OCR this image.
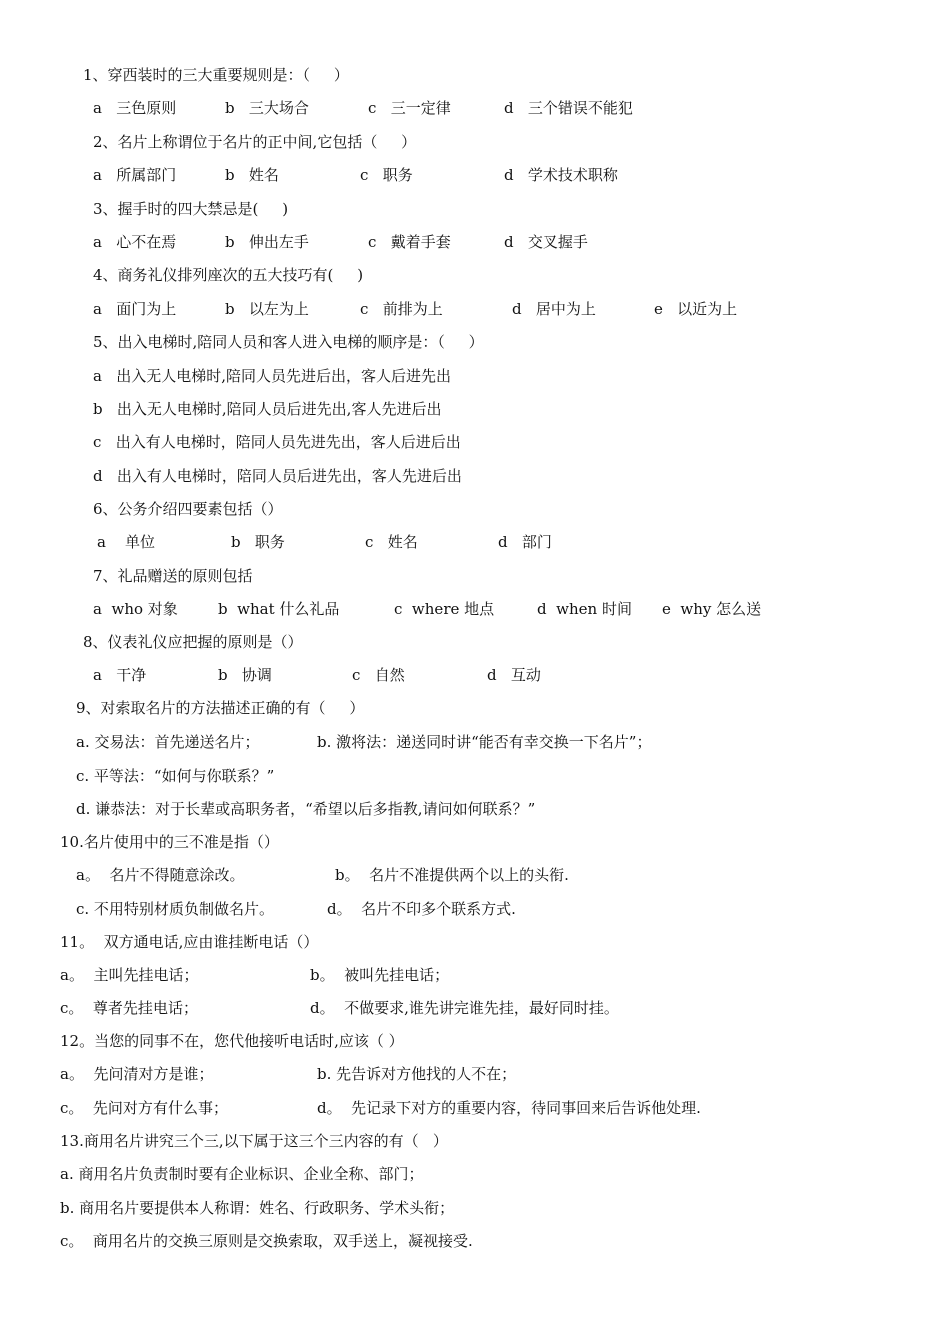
1、穿西装时的三大重要规则是：（     ）
a   三色原则	b   三大场合	c   三一定律	d   三个错误不能犯
2、名片上称谓位于名片的正中间,它包括（     ）
a   所属部门	b   姓名	c   职务	d   学术技术职称
3、握手时的四大禁忌是(     )
a   心不在焉	b   伸出左手	c   戴着手套	d   交叉握手
4、商务礼仪排列座次的五大技巧有(     )
a   面门为上	b   以左为上	c   前排为上	d   居中为上	e   以近为上
5、出入电梯时,陪同人员和客人进入电梯的顺序是：（     ）
a   出入无人电梯时,陪同人员先进后出，客人后进先出
b   出入无人电梯时,陪同人员后进先出,客人先进后出
c   出入有人电梯时，陪同人员先进先出，客人后进后出
d   出入有人电梯时，陪同人员后进先出，客人先进后出
6、公务介绍四要素包括（）
a    单位	b   职务	c   姓名	d   部门
7、礼品赠送的原则包括
a  who 对象	b  what 什么礼品	c  where 地点	d  when 时间 e  why 怎么送
8、仪表礼仪应把握的原则是（）
a   干净	b   协调	c   自然	d   互动
9、对索取名片的方法描述正确的有（     ）
a. 交易法：首先递送名片；	b. 激将法：递送同时讲“能否有幸交换一下名片”；
c. 平等法：“如何与你联系？”
d. 谦恭法：对于长辈或高职务者，“希望以后多指教,请问如何联系？”
10.名片使用中的三不准是指（）
a。  名片不得随意涂改。	b。  名片不准提供两个以上的头衔.
c. 不用特别材质负制做名片。	d。  名片不印多个联系方式.
11。  双方通电话,应由谁挂断电话（）
a。  主叫先挂电话；	b。  被叫先挂电话；
c。  尊者先挂电话；	d。  不做要求,谁先讲完谁先挂，最好同时挂。
12。当您的同事不在，您代他接听电话时,应该（ ）
a。  先问清对方是谁；	b. 先告诉对方他找的人不在；
c。  先问对方有什么事；	d。  先记录下对方的重要内容，待同事回来后告诉他处理.
13.商用名片讲究三个三,以下属于这三个三内容的有（   ）
a. 商用名片负责制时要有企业标识、企业全称、部门；
b. 商用名片要提供本人称谓：姓名、行政职务、学术头衔；
c。  商用名片的交换三原则是交换索取，双手送上，凝视接受.
